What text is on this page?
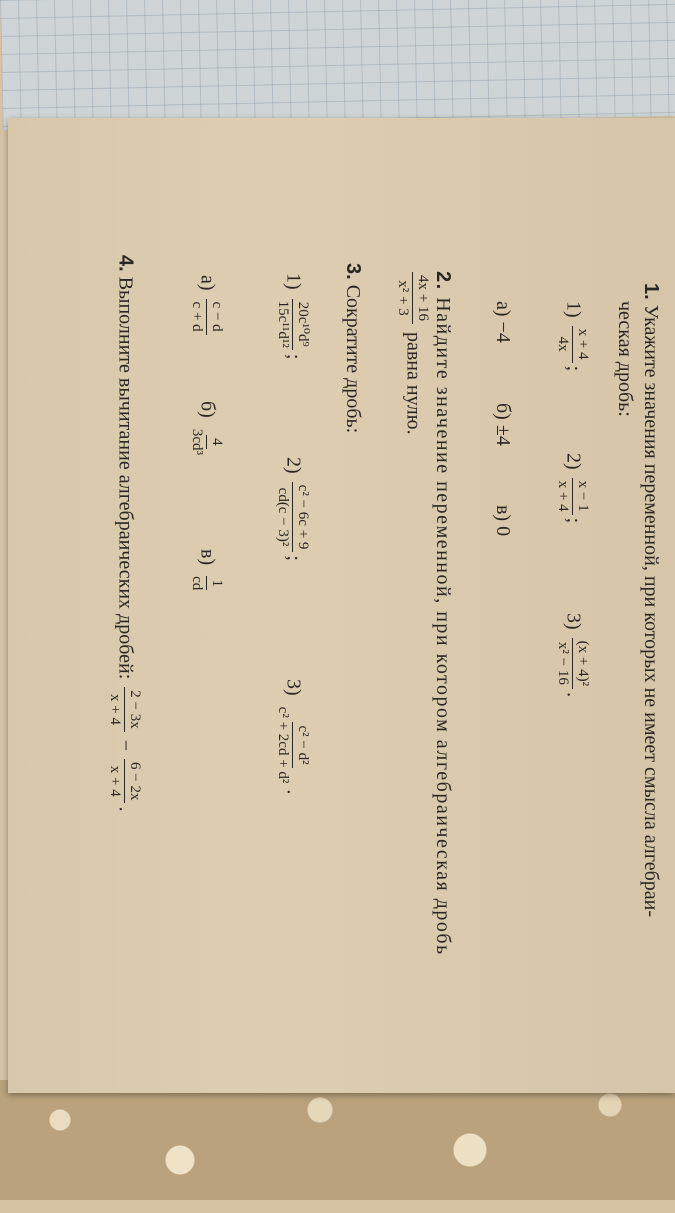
1. Укажите значения переменной, при которых не имеет смысла алгебраи-
ческая дробь:
1)
x + 4
4x
;
2)
x − 1
x + 4
;
3)
(x + 4)²
x² − 16
.
а) −4
б) ±4
в) 0
2. Найдите значение переменной, при котором алгебраическая дробь
4x + 16
x² + 3
равна нулю.
3. Сократите дробь:
1)
20c¹⁰d⁹
15c¹¹d¹²
;
2)
c² − 6c + 9
cd(c − 3)²
;
3)
c² − d²
c² + 2cd + d²
.
а)
c − d
c + d
б)
4
3cd³
в)
1
cd
4. Выполните вычитание алгебраических дробей:
2 − 3x
x + 4
−
6 − 2x
x + 4
.
